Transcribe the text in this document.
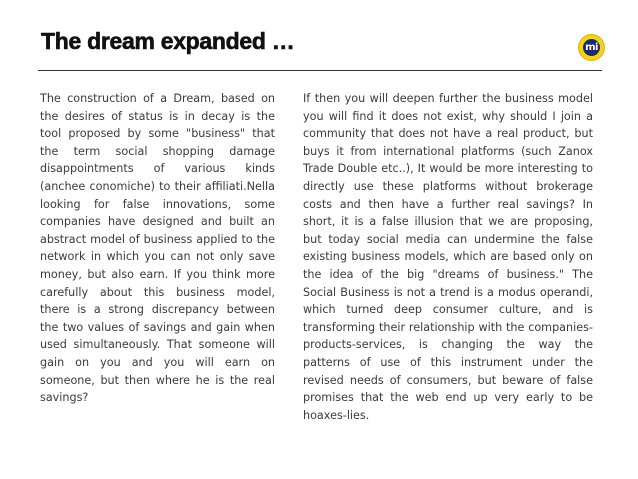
The dream expanded …	mi

The construction of a Dream, based on the desires of status is in decay is the tool proposed by some "business" that the term social shopping damage disappointments of various kinds (anchee conomiche) to their affiliati.Nella looking for false innovations, some companies have designed and built an abstract model of business applied to the network in which you can not only save money, but also earn. If you think more carefully about this business model, there is a strong discrepancy between the two values of savings and gain when used simultaneously. That someone will gain on you and you will earn on someone, but then where he is the real savings?

If then you will deepen further the business model you will find it does not exist, why should I join a community that does not have a real product, but buys it from international platforms (such Zanox Trade Double etc..), It would be more interesting to directly use these platforms without brokerage costs and then have a further real savings? In short, it is a false illusion that we are proposing, but today social media can undermine the false existing business models, which are based only on the idea of the big "dreams of business." The Social Business is not a trend is a modus operandi, which turned deep consumer culture, and is transforming their relationship with the companies-products-services, is changing the way the patterns of use of this instrument under the revised needs of consumers, but beware of false promises that the web end up very early to be hoaxes-lies.
